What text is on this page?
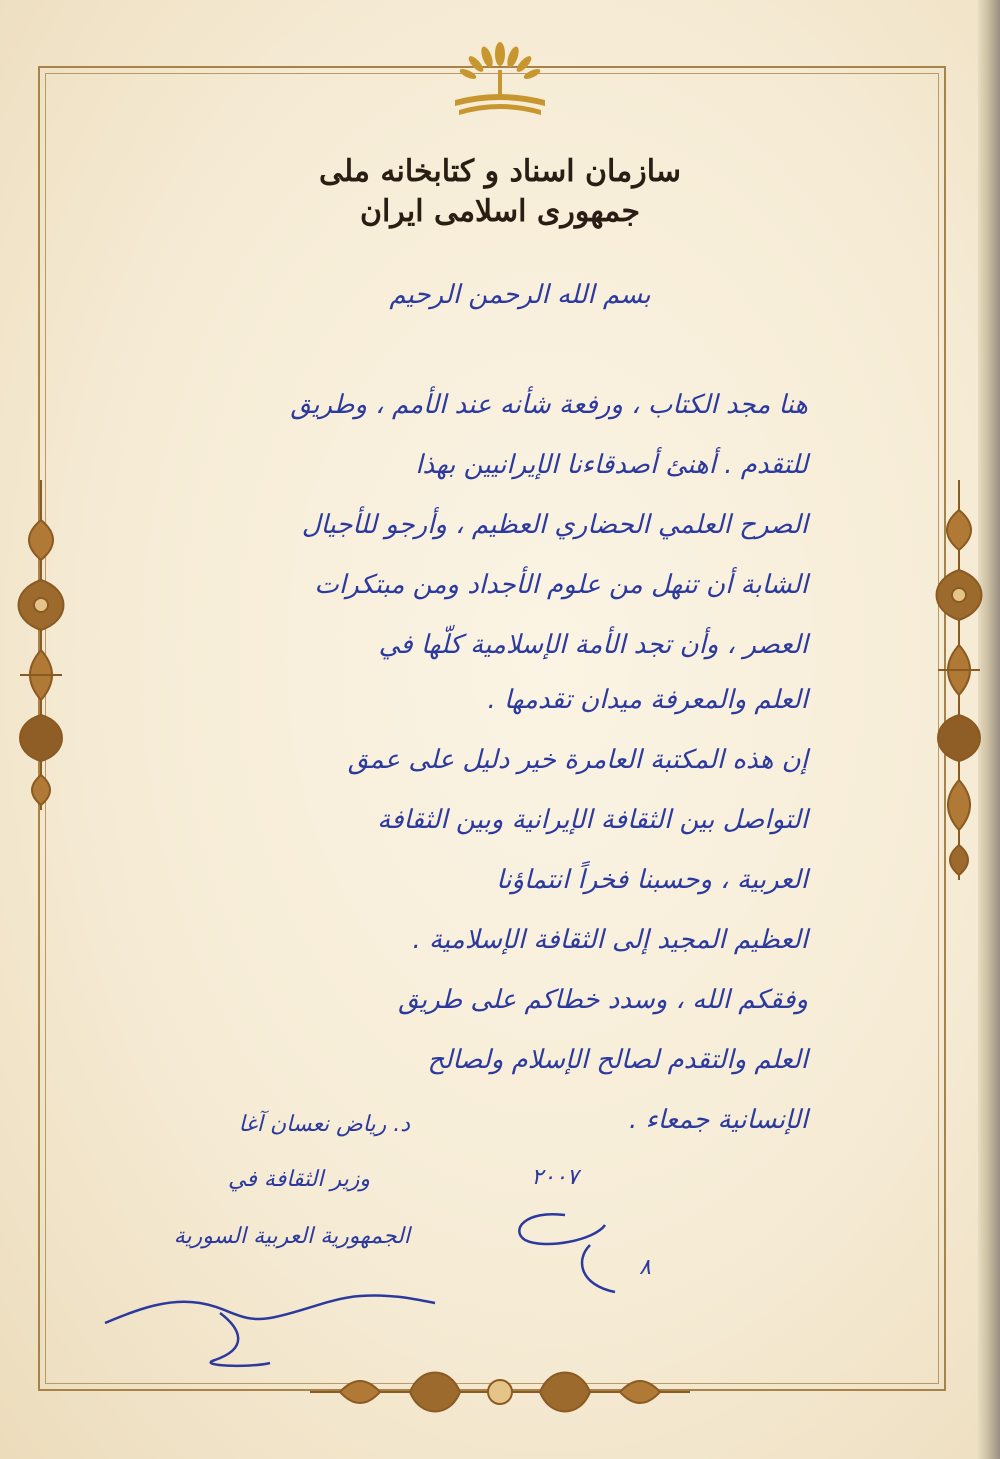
سازمان اسناد و کتابخانه ملی
جمهوری اسلامی ایران
بسم الله الرحمن الرحيم
هنا مجد الكتاب ، ورفعة شأنه عند الأمم ، وطريق
للتقدم . أهنئ أصدقاءنا الإيرانيين بهذا
الصرح العلمي الحضاري العظيم ، وأرجو للأجيال
الشابة أن تنهل من علوم الأجداد ومن مبتكرات
العصر ، وأن تجد الأمة الإسلامية كلّها في
العلم والمعرفة ميدان تقدمها .
إن هذه المكتبة العامرة خير دليل على عمق
التواصل بين الثقافة الإيرانية وبين الثقافة
العربية ، وحسبنا فخراً انتماؤنا
العظيم المجيد إلى الثقافة الإسلامية .
وفقكم الله ، وسدد خطاكم على طريق
العلم والتقدم لصالح الإسلام ولصالح
الإنسانية جمعاء .
د. رياض نعسان آغا
وزير الثقافة في
الجمهورية العربية السورية
٢٠٠٧
٨
